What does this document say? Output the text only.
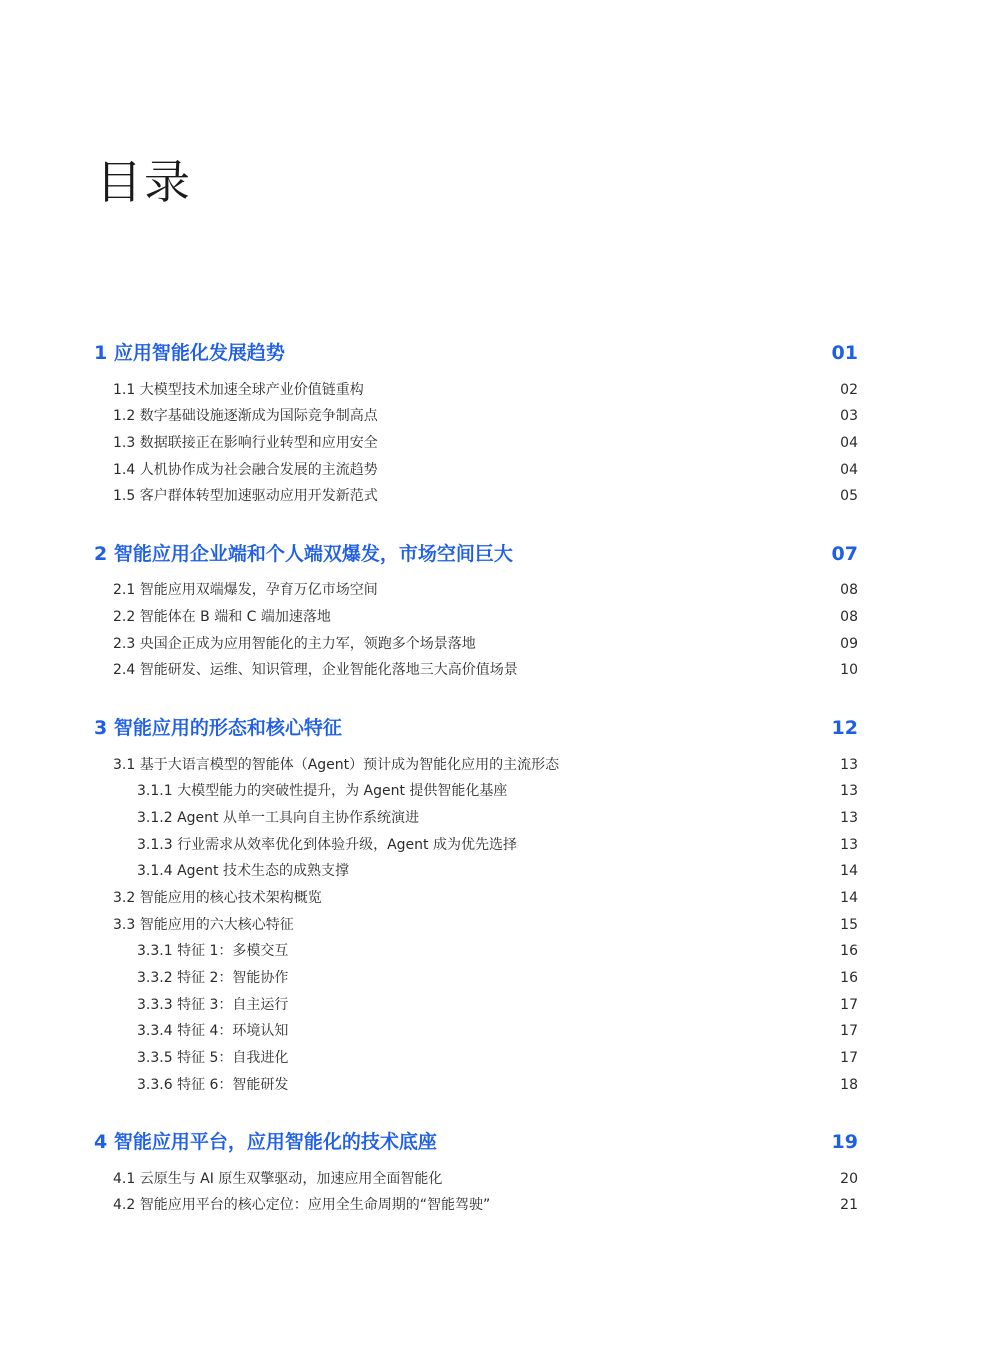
目录
1 应用智能化发展趋势	01
1.1 大模型技术加速全球产业价值链重构	02
1.2 数字基础设施逐渐成为国际竞争制高点	03
1.3 数据联接正在影响行业转型和应用安全	04
1.4 人机协作成为社会融合发展的主流趋势	04
1.5 客户群体转型加速驱动应用开发新范式	05
2 智能应用企业端和个人端双爆发，市场空间巨大	07
2.1 智能应用双端爆发，孕育万亿市场空间	08
2.2 智能体在 B 端和 C 端加速落地	08
2.3 央国企正成为应用智能化的主力军，领跑多个场景落地	09
2.4 智能研发、运维、知识管理，企业智能化落地三大高价值场景	10
3 智能应用的形态和核心特征	12
3.1 基于大语言模型的智能体（Agent）预计成为智能化应用的主流形态	13
3.1.1 大模型能力的突破性提升，为 Agent 提供智能化基座	13
3.1.2 Agent 从单一工具向自主协作系统演进	13
3.1.3 行业需求从效率优化到体验升级，Agent 成为优先选择	13
3.1.4 Agent 技术生态的成熟支撑	14
3.2 智能应用的核心技术架构概览	14
3.3 智能应用的六大核心特征	15
3.3.1 特征 1：多模交互	16
3.3.2 特征 2：智能协作	16
3.3.3 特征 3：自主运行	17
3.3.4 特征 4：环境认知	17
3.3.5 特征 5：自我进化	17
3.3.6 特征 6：智能研发	18
4 智能应用平台，应用智能化的技术底座	19
4.1 云原生与 AI 原生双擎驱动，加速应用全面智能化	20
4.2 智能应用平台的核心定位：应用全生命周期的“智能驾驶”	21
